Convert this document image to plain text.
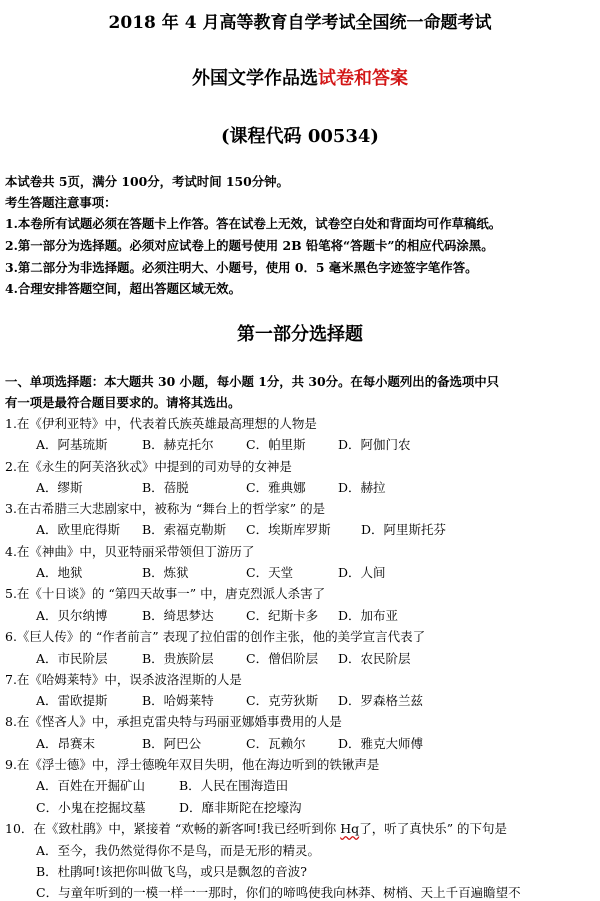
2018 年 4 月高等教育自学考试全国统一命题考试
外国文学作品选试卷和答案
(课程代码 00534)
本试卷共 5页，满分 100分，考试时间 150分钟。
考生答题注意事项：
1.本卷所有试题必须在答题卡上作答。答在试卷上无效，试卷空白处和背面均可作草稿纸。
2.第一部分为选择题。必须对应试卷上的题号使用 2B 铅笔将“答题卡”的相应代码涂黑。
3.第二部分为非选择题。必须注明大、小题号，使用 0．5 毫米黑色字迹签字笔作答。
4.合理安排答题空间，超出答题区域无效。
第一部分选择题
一、单项选择题：本大题共 30 小题，每小题 1分，共 30分。在每小题列出的备选项中只
有一项是最符合题目要求的。请将其选出。
1.在《伊利亚特》中，代表着氏族英雄最高理想的人物是
A．阿基琉斯	B．赫克托尔	C．帕里斯	D．阿伽门农
2.在《永生的阿芙洛狄忒》中提到的司劝导的女神是
A．缪斯	B．蓓脱	C．雅典娜	D．赫拉
3.在古希腊三大悲剧家中，被称为 “舞台上的哲学家” 的是
A．欧里庇得斯 B．索福克勒斯 C．埃斯库罗斯 D．阿里斯托芬
4.在《神曲》中，贝亚特丽采带领但丁游历了
A．地狱	B．炼狱	C．天堂	D．人间
5.在《十日谈》的 “第四天故事一” 中，唐克烈派人杀害了
A．贝尔纳博	B．绮思梦达	C．纪斯卡多 D．加布亚
6.《巨人传》的 “作者前言” 表现了拉伯雷的创作主张，他的美学宣言代表了
A．市民阶层	B．贵族阶层	C．僧侣阶层 D．农民阶层
7.在《哈姆莱特》中，误杀波洛涅斯的人是
A．雷欧提斯	B．哈姆莱特	C．克劳狄斯 D．罗森格兰兹
8.在《悭吝人》中，承担克雷央特与玛丽亚娜婚事费用的人是
A．昂赛末	B．阿巴公	C．瓦赖尔	D．雅克大师傅
9.在《浮士德》中，浮士德晚年双目失明，他在海边听到的铁锹声是
A．百姓在开掘矿山	B．人民在围海造田
C．小鬼在挖掘坟墓	D．靡非斯陀在挖壕沟
10．在《致杜鹃》中，紧接着 “欢畅的新客呵!我已经听到你 Hq了，听了真快乐” 的下句是
A．至今，我仍然觉得你不是鸟，而是无形的精灵。
B．杜鹃呵!该把你叫做飞鸟，或只是飘忽的音波?
C．与童年听到的一模一样一一那时，你们的啼鸣使我向林莽、树梢、天上千百遍瞻望不
